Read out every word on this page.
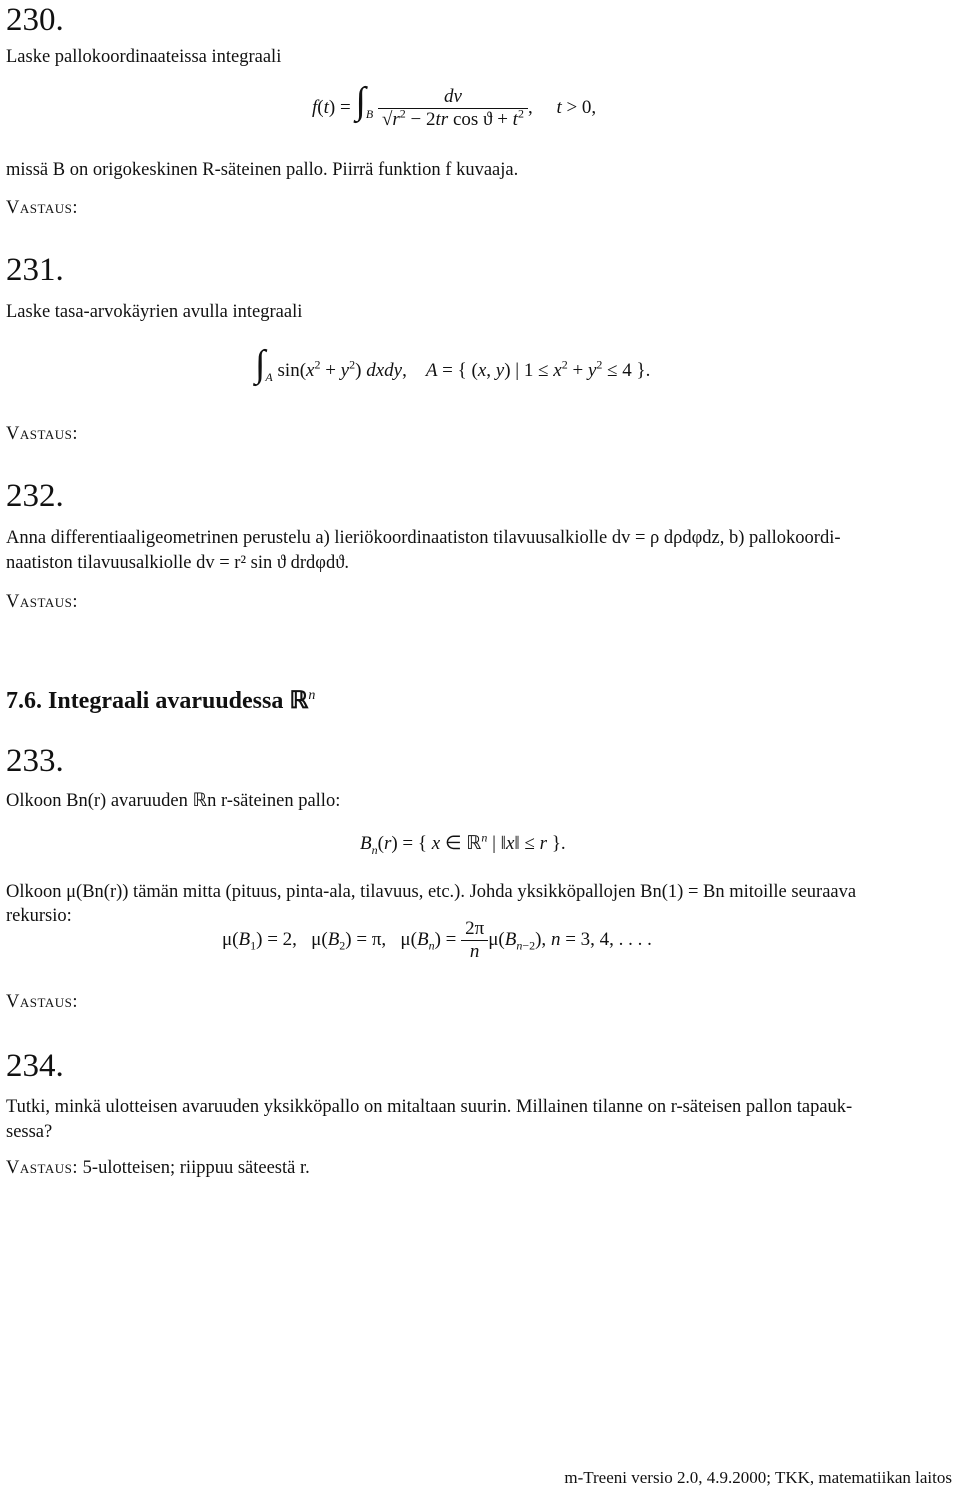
230.
Laske pallokoordinaateissa integraali
$f(t) = \int_B \frac{dv}{√r^2 - 2tr \cos ϑ + t^2}$ ,     t > 0,
missä B on origokeskinen R-säteinen pallo. Piirrä funktion f kuvaaja.
Vastaus:
231.
Laske tasa-arvokäyrien avulla integraali
$\int_A$ $\sin(x^2 + y^2)$ dxdy,    A = { (x, y) | $1 \le x^2 + y^2 \le 4$ }.
Vastaus:
232.
Anna differentiaaligeometrinen perustelu a) lieriökoordinaatiston tilavuusalkiolle dv = ρ dρdφdz, b) pallokoordi-
naatiston tilavuusalkiolle dv = r² sin ϑ drdφdϑ.
Vastaus:
7.6. Integraali avaruudessa ℝ$^n$
233.
Olkoon Bn(r) avaruuden ℝn r-säteinen pallo:
$B_n(r)$ = { x ∈ ℝ$^n$ | ‖x‖ ≤ r }.
Olkoon μ(Bn(r)) tämän mitta (pituus, pinta-ala, tilavuus, etc.). Johda yksikköpallojen Bn(1) = Bn mitoille seuraava
rekursio:
$\mu(B_1) = 2$,   $\mu(B_2) = \pi$,   $\mu(B_n) = \frac{2\pi}{n} \mu(B_{n-2})$, n = 3, 4, . . . .
Vastaus:
234.
Tutki, minkä ulotteisen avaruuden yksikköpallo on mitaltaan suurin. Millainen tilanne on r-säteisen pallon tapauk-
sessa?
Vastaus: 5-ulotteisen; riippuu säteestä r.
m-Treeni versio 2.0, 4.9.2000; TKK, matematiikan laitos
